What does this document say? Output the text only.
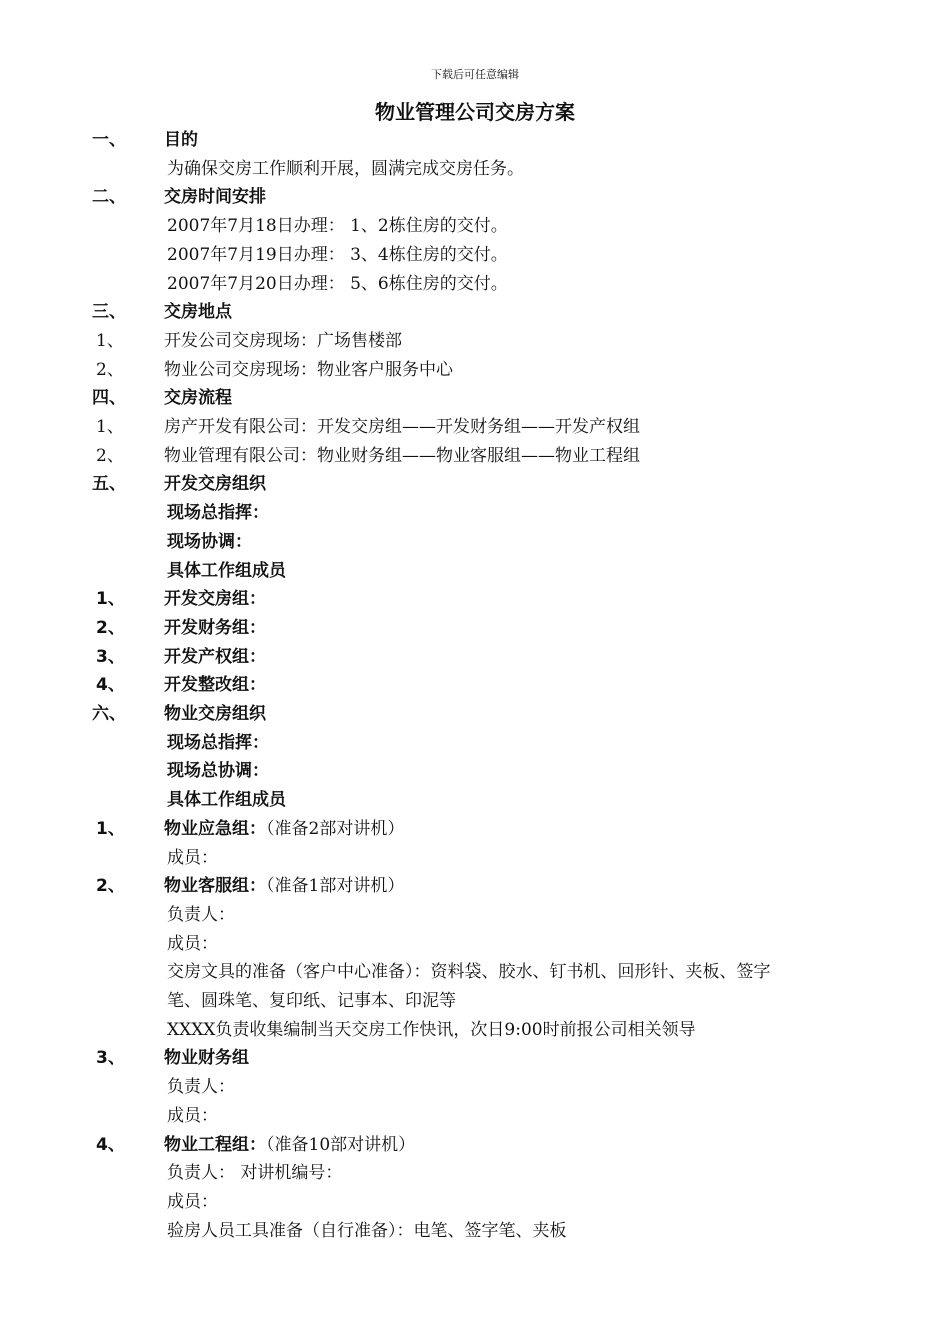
下载后可任意编辑
物业管理公司交房方案
一、 目的
为确保交房工作顺利开展，圆满完成交房任务。
二、 交房时间安排
2007年7月18日办理： 1、2栋住房的交付。
2007年7月19日办理： 3、4栋住房的交付。
2007年7月20日办理： 5、6栋住房的交付。
三、 交房地点
1、 开发公司交房现场：广场售楼部
2、 物业公司交房现场：物业客户服务中心
四、 交房流程
1、 房产开发有限公司：开发交房组——开发财务组——开发产权组
2、 物业管理有限公司：物业财务组——物业客服组——物业工程组
五、 开发交房组织
现场总指挥：
现场协调：
具体工作组成员
1、 开发交房组：
2、 开发财务组：
3、 开发产权组：
4、 开发整改组：
六、 物业交房组织
现场总指挥：
现场总协调：
具体工作组成员
1、 物业应急组：（准备2部对讲机）
成员：
2、 物业客服组：（准备1部对讲机）
负责人：
成员：
交房文具的准备（客户中心准备）：资料袋、胶水、钉书机、回形针、夹板、签字
笔、圆珠笔、复印纸、记事本、印泥等
XXXX负责收集编制当天交房工作快讯，次日9:00时前报公司相关领导
3、 物业财务组
负责人：
成员：
4、 物业工程组：（准备10部对讲机）
负责人： 对讲机编号：
成员：
验房人员工具准备（自行准备）：电笔、签字笔、夹板
